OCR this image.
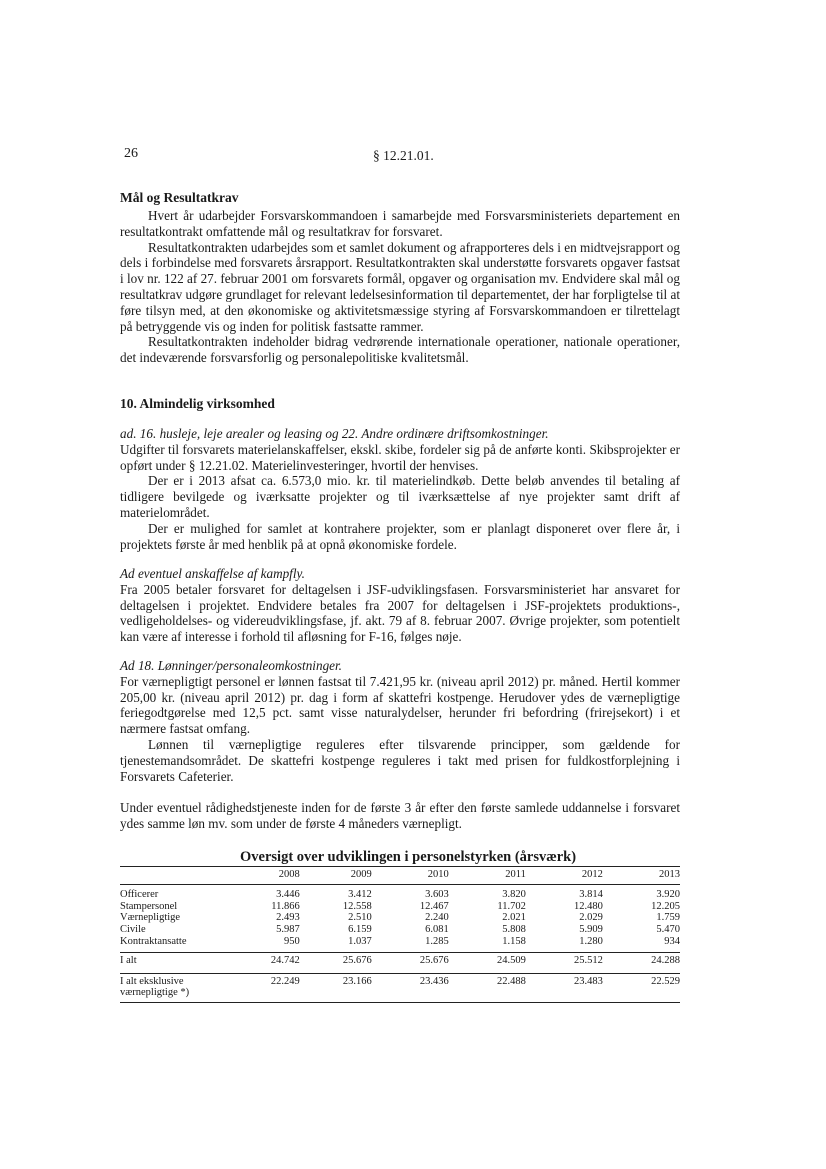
26	§ 12.21.01.
Mål og Resultatkrav

Hvert år udarbejder Forsvarskommandoen i samarbejde med Forsvarsministeriets departement en resultatkontrakt omfattende mål og resultatkrav for forsvaret.

Resultatkontrakten udarbejdes som et samlet dokument og afrapporteres dels i en midtvejsrapport og dels i forbindelse med forsvarets årsrapport. Resultatkontrakten skal understøtte forsvarets opgaver fastsat i lov nr. 122 af 27. februar 2001 om forsvarets formål, opgaver og organisation mv. Endvidere skal mål og resultatkrav udgøre grundlaget for relevant ledelsesinformation til departementet, der har forpligtelse til at føre tilsyn med, at den økonomiske og aktivitetsmæssige styring af Forsvarskommandoen er tilrettelagt på betryggende vis og inden for politisk fastsatte rammer.

Resultatkontrakten indeholder bidrag vedrørende internationale operationer, nationale operationer, det indeværende forsvarsforlig og personalepolitiske kvalitetsmål.

10. Almindelig virksomhed

ad. 16. husleje, leje arealer og leasing og 22. Andre ordinære driftsomkostninger.

Udgifter til forsvarets materielanskaffelser, ekskl. skibe, fordeler sig på de anførte konti. Skibsprojekter er opført under § 12.21.02. Materielinvesteringer, hvortil der henvises.

Der er i 2013 afsat ca. 6.573,0 mio. kr. til materielindkøb. Dette beløb anvendes til betaling af tidligere bevilgede og iværksatte projekter og til iværksættelse af nye projekter samt drift af materielområdet.

Der er mulighed for samlet at kontrahere projekter, som er planlagt disponeret over flere år, i projektets første år med henblik på at opnå økonomiske fordele.

Ad eventuel anskaffelse af kampfly.

Fra 2005 betaler forsvaret for deltagelsen i JSF-udviklingsfasen. Forsvarsministeriet har ansvaret for deltagelsen i projektet. Endvidere betales fra 2007 for deltagelsen i JSF-projektets produktions-, vedligeholdelses- og videreudviklingsfase, jf. akt. 79 af 8. februar 2007. Øvrige projekter, som potentielt kan være af interesse i forhold til afløsning for F-16, følges nøje.

Ad 18. Lønninger/personaleomkostninger.

For værnepligtigt personel er lønnen fastsat til 7.421,95 kr. (niveau april 2012) pr. måned. Hertil kommer 205,00 kr. (niveau april 2012) pr. dag i form af skattefri kostpenge. Herudover ydes de værnepligtige feriegodtgørelse med 12,5 pct. samt visse naturalydelser, herunder fri befordring (frirejsekort) i et nærmere fastsat omfang.

Lønnen til værnepligtige reguleres efter tilsvarende principper, som gældende for tjenestemandsområdet. De skattefri kostpenge reguleres i takt med prisen for fuldkostforplejning i Forsvarets Cafeterier.

Under eventuel rådighedstjeneste inden for de første 3 år efter den første samlede uddannelse i forsvaret ydes samme løn mv. som under de første 4 måneders værnepligt.

Oversigt over udviklingen i personelstyrken (årsværk)
	2008	2009	2010	2011	2012	2013
Officerer	3.446	3.412	3.603	3.820	3.814	3.920
Stampersonel	11.866	12.558	12.467	11.702	12.480	12.205
Værnepligtige	2.493	2.510	2.240	2.021	2.029	1.759
Civile	5.987	6.159	6.081	5.808	5.909	5.470
Kontraktansatte	950	1.037	1.285	1.158	1.280	934
I alt	24.742	25.676	25.676	24.509	25.512	24.288

I alt eksklusive
værnepligtige *)	22.249	23.166	23.436	22.488	23.483	22.529
